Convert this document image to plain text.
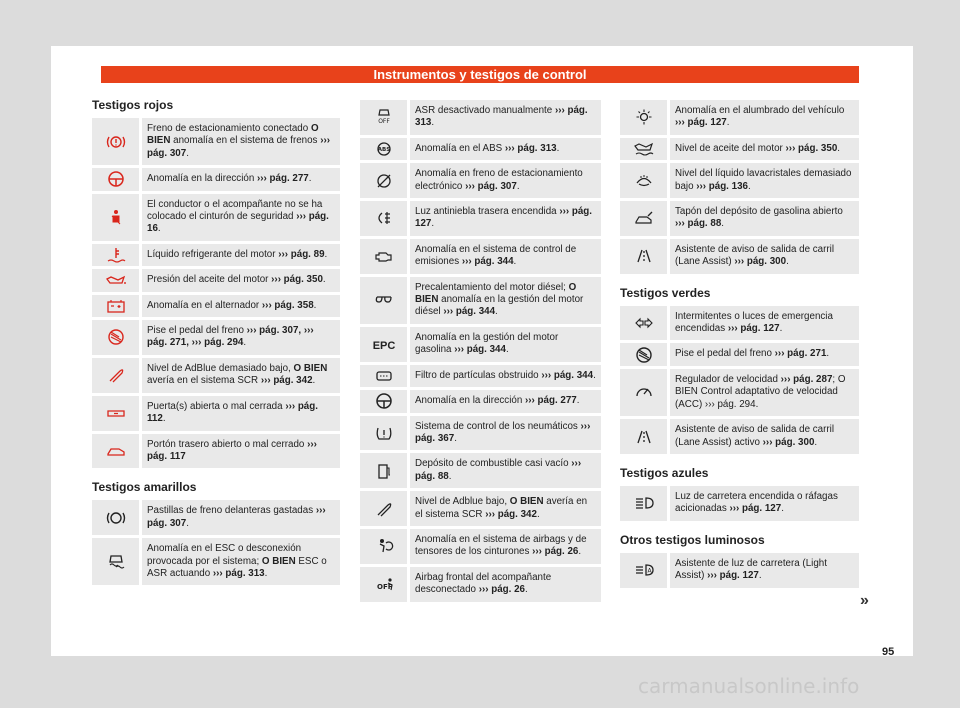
Instrumentos y testigos de control
Testigos rojos
Freno de estacionamiento conectado O BIEN anomalía en el sistema de frenos ››› pág. 307.
Anomalía en la dirección ››› pág. 277.
El conductor o el acompañante no se ha colocado el cinturón de seguridad ››› pág. 16.
Líquido refrigerante del motor ››› pág. 89.
Presión del aceite del motor ››› pág. 350.
Anomalía en el alternador ››› pág. 358.
Pise el pedal del freno ››› pág. 307, ››› pág. 271, ››› pág. 294.
Nivel de AdBlue demasiado bajo, O BIEN avería en el sistema SCR ››› pág. 342.
Puerta(s) abierta o mal cerrada ››› pág. 112.
Portón trasero abierto o mal cerrado ››› pág. 117
Testigos amarillos
Pastillas de freno delanteras gastadas ››› pág. 307.
Anomalía en el ESC o desconexión provocada por el sistema; O BIEN ESC o ASR actuando ››› pág. 313.
OFF
ASR desactivado manualmente ››› pág. 313.
ABS	Anomalía en el ABS ››› pág. 313.
Anomalía en freno de estacionamiento electrónico ››› pág. 307.
Luz antiniebla trasera encendida ››› pág. 127.
Anomalía en el sistema de control de emisiones ››› pág. 344.
Precalentamiento del motor diésel; O BIEN anomalía en la gestión del motor diésel ››› pág. 344.
EPC
Anomalía en la gestión del motor gasolina ››› pág. 344.
Filtro de partículas obstruido ››› pág. 344.
Anomalía en la dirección ››› pág. 277.
Sistema de control de los neumáticos ››› pág. 367.
Depósito de combustible casi vacío ››› pág. 88.
Nivel de Adblue bajo, O BIEN avería en el sistema SCR ››› pág. 342.
Anomalía en el sistema de airbags y de tensores de los cinturones ››› pág. 26.
OFF
Airbag frontal del acompañante desconectado ››› pág. 26.
Anomalía en el alumbrado del vehículo ››› pág. 127.
Nivel de aceite del motor ››› pág. 350.
Nivel del líquido lavacristales demasiado bajo ››› pág. 136.
Tapón del depósito de gasolina abierto ››› pág. 88.
Asistente de aviso de salida de carril (Lane Assist) ››› pág. 300.
Testigos verdes
Intermitentes o luces de emergencia encendidas ››› pág. 127.
Pise el pedal del freno ››› pág. 271.
Regulador de velocidad ››› pág. 287; O BIEN Control adaptativo de velocidad (ACC) ››› pág. 294.
Asistente de aviso de salida de carril (Lane Assist) activo ››› pág. 300.
Testigos azules
Luz de carretera encendida o ráfagas acicionadas ››› pág. 127.
Otros testigos luminosos
A
Asistente de luz de carretera (Light Assist) ››› pág. 127.
»
95
carmanualsonline.info
